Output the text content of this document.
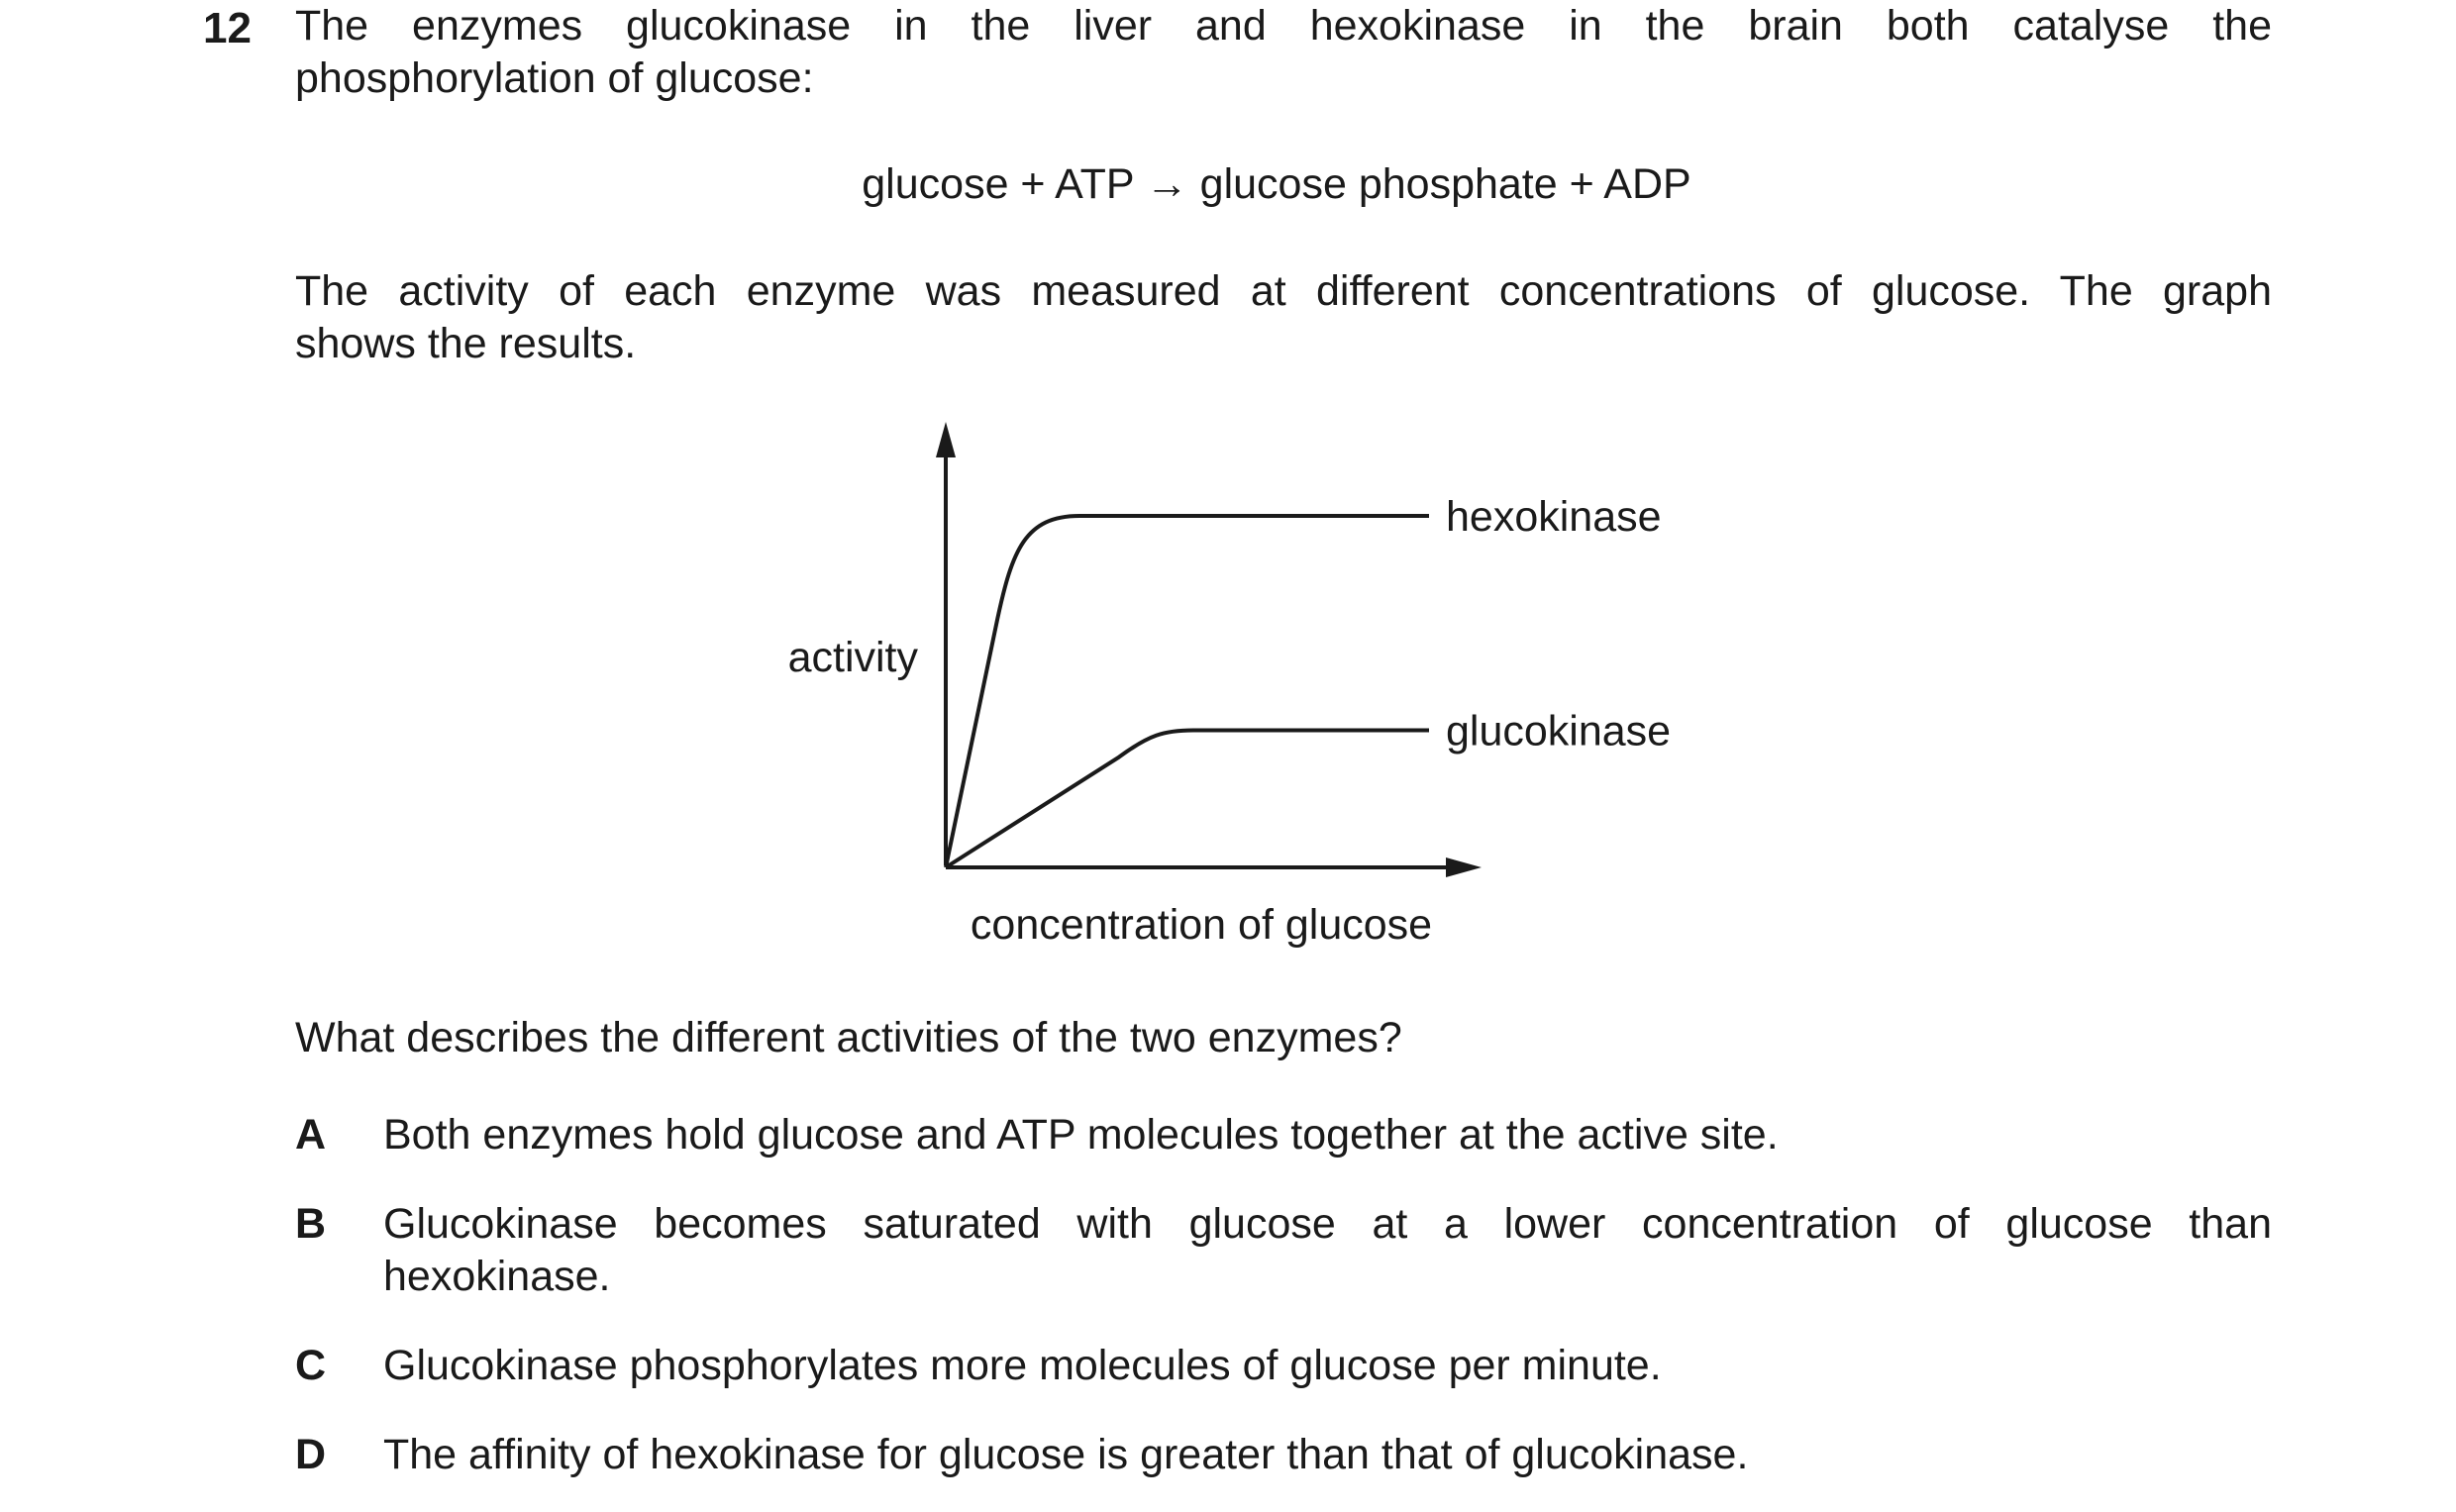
12 The enzymes glucokinase in the liver and hexokinase in the brain both catalyse the
phosphorylation of glucose:
glucose + ATP → glucose phosphate + ADP
The activity of each enzyme was measured at different concentrations of glucose. The graph
shows the results.
activity
concentration of glucose
hexokinase
glucokinase
What describes the different activities of the two enzymes?
A Both enzymes hold glucose and ATP molecules together at the active site.
B Glucokinase becomes saturated with glucose at a lower concentration of glucose than
hexokinase.
C Glucokinase phosphorylates more molecules of glucose per minute.
D The affinity of hexokinase for glucose is greater than that of glucokinase.
